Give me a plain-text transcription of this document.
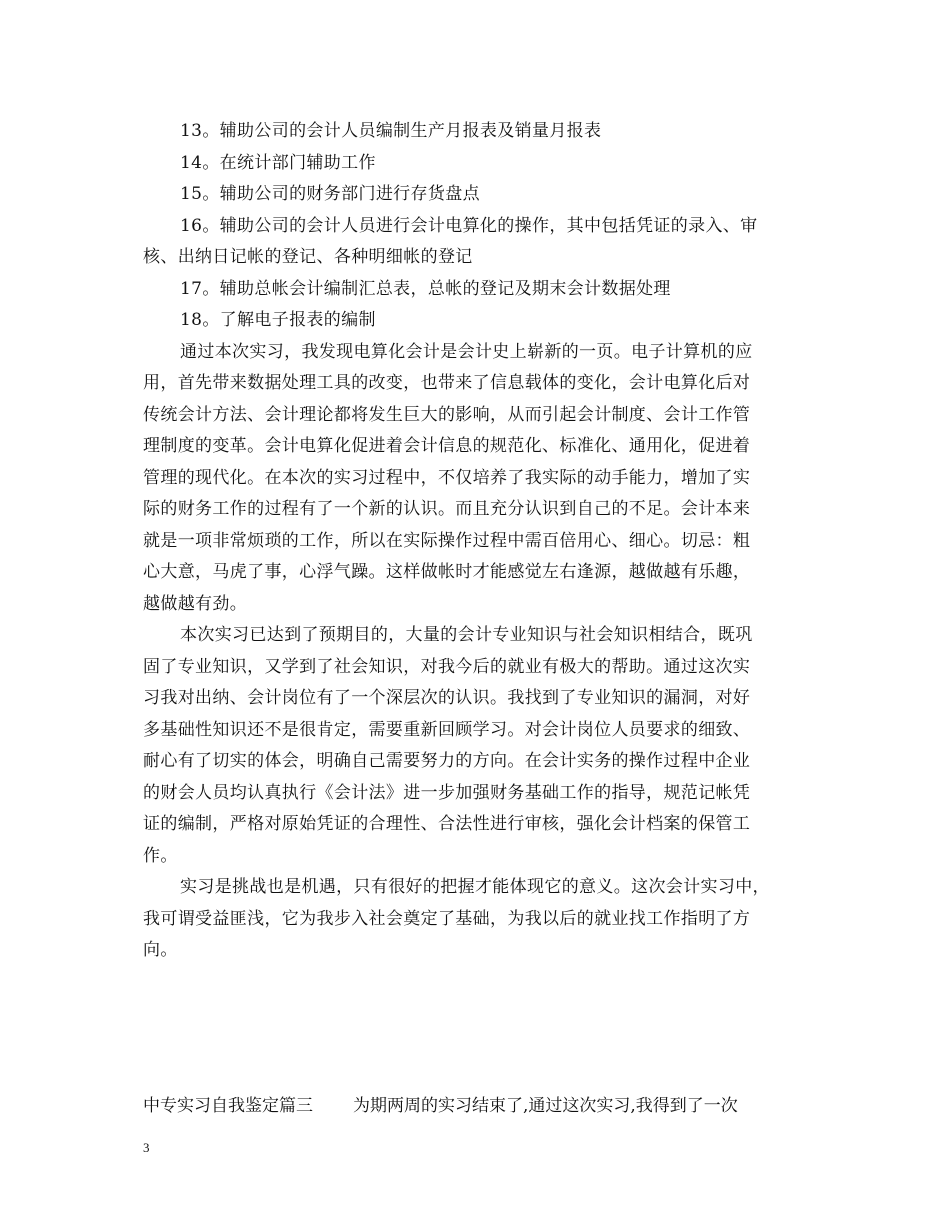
13。辅助公司的会计人员编制生产月报表及销量月报表
14。在统计部门辅助工作
15。辅助公司的财务部门进行存货盘点
16。辅助公司的会计人员进行会计电算化的操作，其中包括凭证的录入、审
核、出纳日记帐的登记、各种明细帐的登记
17。辅助总帐会计编制汇总表，总帐的登记及期末会计数据处理
18。了解电子报表的编制
通过本次实习，我发现电算化会计是会计史上崭新的一页。电子计算机的应
用，首先带来数据处理工具的改变，也带来了信息载体的变化，会计电算化后对
传统会计方法、会计理论都将发生巨大的影响，从而引起会计制度、会计工作管
理制度的变革。会计电算化促进着会计信息的规范化、标准化、通用化，促进着
管理的现代化。在本次的实习过程中，不仅培养了我实际的动手能力，增加了实
际的财务工作的过程有了一个新的认识。而且充分认识到自己的不足。会计本来
就是一项非常烦琐的工作，所以在实际操作过程中需百倍用心、细心。切忌：粗
心大意，马虎了事，心浮气躁。这样做帐时才能感觉左右逢源，越做越有乐趣，
越做越有劲。
本次实习已达到了预期目的，大量的会计专业知识与社会知识相结合，既巩
固了专业知识，又学到了社会知识，对我今后的就业有极大的帮助。通过这次实
习我对出纳、会计岗位有了一个深层次的认识。我找到了专业知识的漏洞，对好
多基础性知识还不是很肯定，需要重新回顾学习。对会计岗位人员要求的细致、
耐心有了切实的体会，明确自己需要努力的方向。在会计实务的操作过程中企业
的财会人员均认真执行《会计法》进一步加强财务基础工作的指导，规范记帐凭
证的编制，严格对原始凭证的合理性、合法性进行审核，强化会计档案的保管工
作。
实习是挑战也是机遇，只有很好的把握才能体现它的意义。这次会计实习中，
我可谓受益匪浅，它为我步入社会奠定了基础，为我以后的就业找工作指明了方
向。
中专实习自我鉴定篇三 为期两周的实习结束了,通过这次实习,我得到了一次
3
